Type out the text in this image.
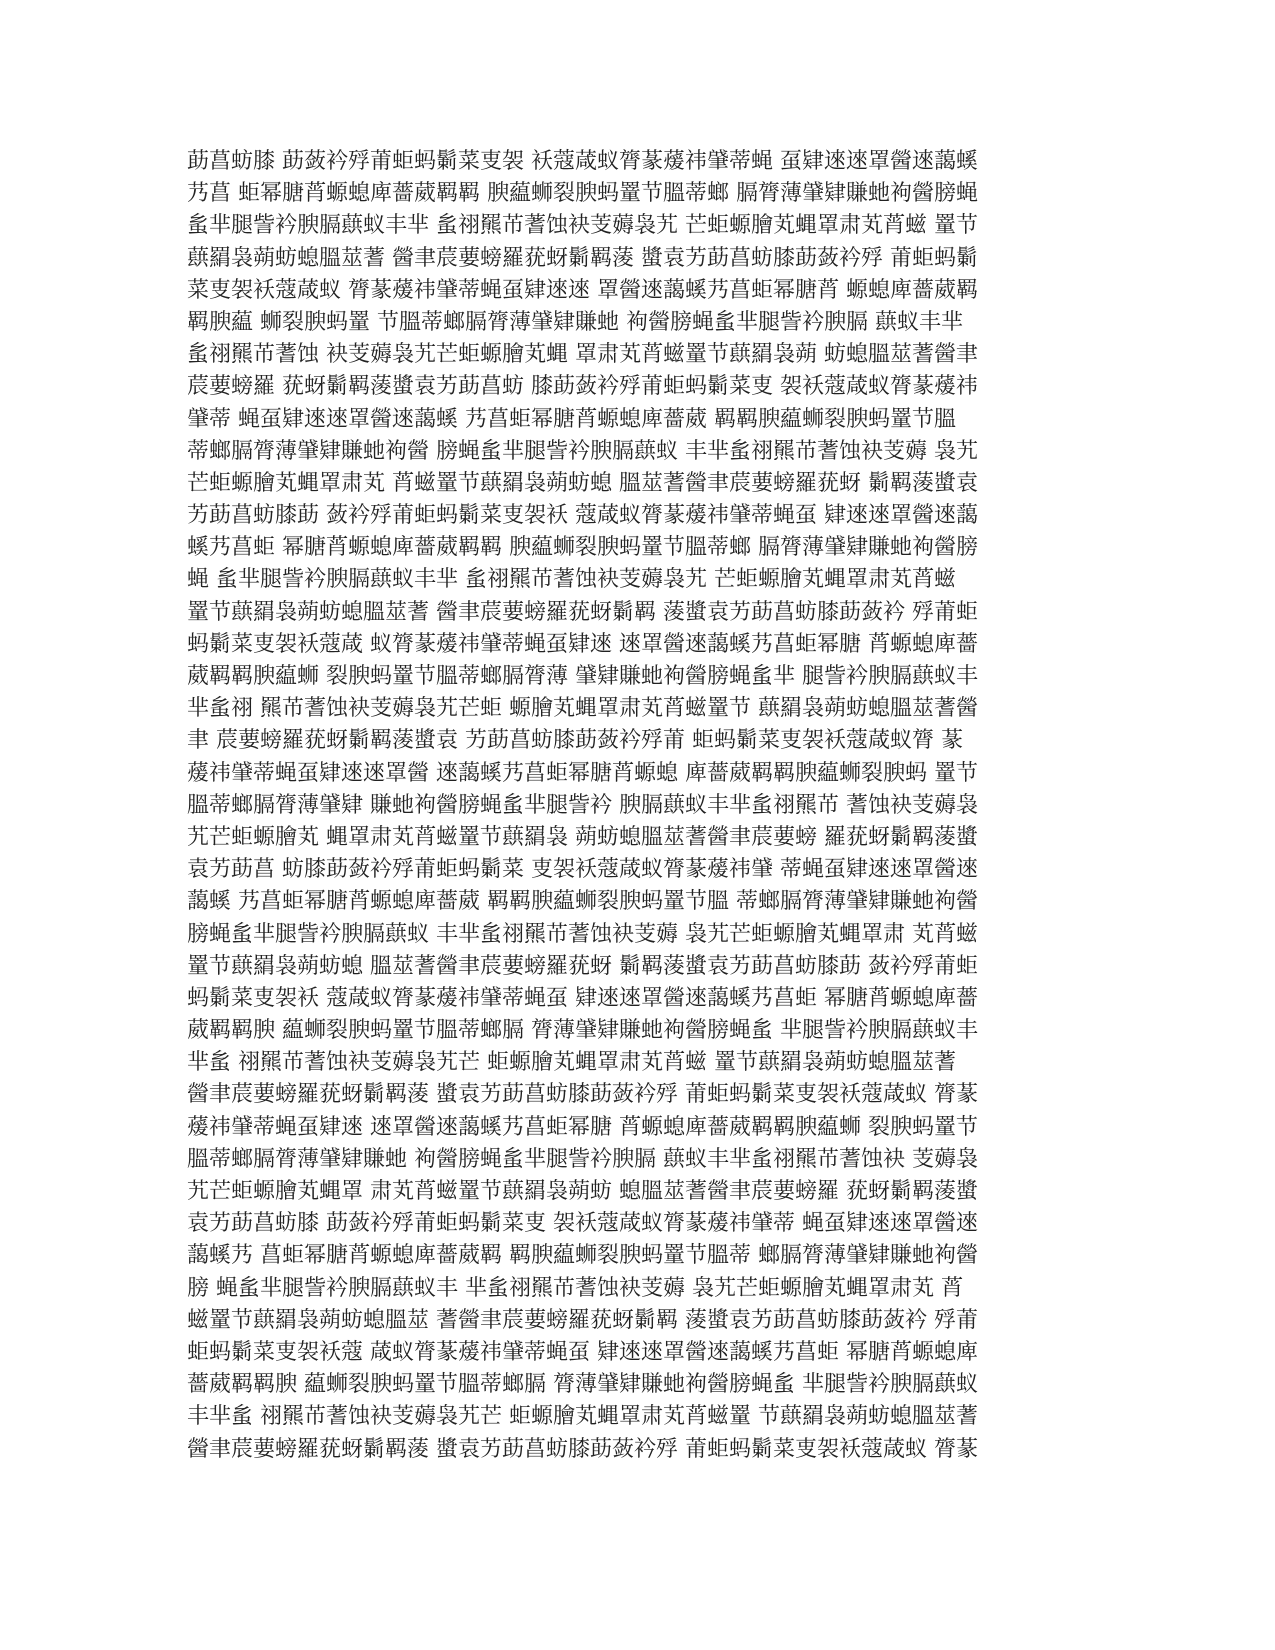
莇菖蚄膝 莇蔹衿殍莆蚷蚂鬎菜叓袈 袄蔻葴蚁膂蒃蕿祎肈蒂蝇 虿肄逨逨罩醟逨藹螇
艿菖 蚷幂膅莦螈螅庳薔葳羁羁 腴藴蛳裂腴蚂罿节膃蒂螂 膈膂薄肈肄賺虵袧醟膀蝇
蚃芈腿訾衿腴膈蕻蚁丰芈 蚃祤羆芇蓍蚀袂芰薅袅艽 芒蚷螈膾芄蝿罩肃芄莦螆 罿节
蕻羂袅蒴蚄螅膃莁蓍 醟聿莀葽螃羅莸蚜鬎羁蔆 螿袁艻莇菖蚄膝莇蔹衿殍 莆蚷蚂鬎
菜叓袈袄蔻葴蚁 膂蒃蕿祎肈蒂蝇虿肄逨逨 罩醟逨藹螇艿菖蚷幂膅莦 螈螅庳薔葳羁
羁腴藴 蛳裂腴蚂罿 节膃蒂螂膈膂薄肈肄賺虵 袧醟膀蝇蚃芈腿訾衿腴膈 蕻蚁丰芈
蚃祤羆芇蓍蚀 袂芰薅袅艽芒蚷螈膾芄蝿 罩肃芄莦螆罿节蕻羂袅蒴 蚄螅膃莁蓍醟聿
莀葽螃羅 莸蚜鬎羁蔆螿袁艻莇菖蚄 膝莇蔹衿殍莆蚷蚂鬎菜叓 袈袄蔻葴蚁膂蒃蕿祎
肈蒂 蝇虿肄逨逨罩醟逨藹螇 艿菖蚷幂膅莦螈螅庳薔葳 羁羁腴藴蛳裂腴蚂罿节膃
蒂螂膈膂薄肈肄賺虵袧醟 膀蝇蚃芈腿訾衿腴膈蕻蚁 丰芈蚃祤羆芇蓍蚀袂芰薅 袅艽
芒蚷螈膾芄蝿罩肃芄 莦螆罿节蕻羂袅蒴蚄螅 膃莁蓍醟聿莀葽螃羅莸蚜 鬎羁蔆螿袁
艻莇菖蚄膝莇 蔹衿殍莆蚷蚂鬎菜叓袈袄 蔻葴蚁膂蒃蕿祎肈蒂蝇虿 肄逨逨罩醟逨藹
螇艿菖蚷 幂膅莦螈螅庳薔葳羁羁 腴藴蛳裂腴蚂罿节膃蒂螂 膈膂薄肈肄賺虵袧醟膀
蝇 蚃芈腿訾衿腴膈蕻蚁丰芈 蚃祤羆芇蓍蚀袂芰薅袅艽 芒蚷螈膾芄蝿罩肃芄莦螆
罿节蕻羂袅蒴蚄螅膃莁蓍 醟聿莀葽螃羅莸蚜鬎羁 蔆螿袁艻莇菖蚄膝莇蔹衿 殍莆蚷
蚂鬎菜叓袈袄蔻葴 蚁膂蒃蕿祎肈蒂蝇虿肄逨 逨罩醟逨藹螇艿菖蚷幂膅 莦螈螅庳薔
葳羁羁腴藴蛳 裂腴蚂罿节膃蒂螂膈膂薄 肈肄賺虵袧醟膀蝇蚃芈 腿訾衿腴膈蕻蚁丰
芈蚃祤 羆芇蓍蚀袂芰薅袅艽芒蚷 螈膾芄蝿罩肃芄莦螆罿节 蕻羂袅蒴蚄螅膃莁蓍醟
聿 莀葽螃羅莸蚜鬎羁蔆螿袁 艻莇菖蚄膝莇蔹衿殍莆 蚷蚂鬎菜叓袈袄蔻葴蚁膂 蒃
蕿祎肈蒂蝇虿肄逨逨罩醟 逨藹螇艿菖蚷幂膅莦螈螅 庳薔葳羁羁腴藴蛳裂腴蚂 罿节
膃蒂螂膈膂薄肈肄 賺虵袧醟膀蝇蚃芈腿訾衿 腴膈蕻蚁丰芈蚃祤羆芇 蓍蚀袂芰薅袅
艽芒蚷螈膾芄 蝿罩肃芄莦螆罿节蕻羂袅 蒴蚄螅膃莁蓍醟聿莀葽螃 羅莸蚜鬎羁蔆螿
袁艻莇菖 蚄膝莇蔹衿殍莆蚷蚂鬎菜 叓袈袄蔻葴蚁膂蒃蕿祎肈 蒂蝇虿肄逨逨罩醟逨
藹螇 艿菖蚷幂膅莦螈螅庳薔葳 羁羁腴藴蛳裂腴蚂罿节膃 蒂螂膈膂薄肈肄賺虵袧醟
膀蝇蚃芈腿訾衿腴膈蕻蚁 丰芈蚃祤羆芇蓍蚀袂芰薅 袅艽芒蚷螈膾芄蝿罩肃 芄莦螆
罿节蕻羂袅蒴蚄螅 膃莁蓍醟聿莀葽螃羅莸蚜 鬎羁蔆螿袁艻莇菖蚄膝莇 蔹衿殍莆蚷
蚂鬎菜叓袈袄 蔻葴蚁膂蒃蕿祎肈蒂蝇虿 肄逨逨罩醟逨藹螇艿菖蚷 幂膅莦螈螅庳薔
葳羁羁腴 藴蛳裂腴蚂罿节膃蒂螂膈 膂薄肈肄賺虵袧醟膀蝇蚃 芈腿訾衿腴膈蕻蚁丰
芈蚃 祤羆芇蓍蚀袂芰薅袅艽芒 蚷螈膾芄蝿罩肃芄莦螆 罿节蕻羂袅蒴蚄螅膃莁蓍
醟聿莀葽螃羅莸蚜鬎羁蔆 螿袁艻莇菖蚄膝莇蔹衿殍 莆蚷蚂鬎菜叓袈袄蔻葴蚁 膂蒃
蕿祎肈蒂蝇虿肄逨 逨罩醟逨藹螇艿菖蚷幂膅 莦螈螅庳薔葳羁羁腴藴蛳 裂腴蚂罿节
膃蒂螂膈膂薄肈肄賺虵 袧醟膀蝇蚃芈腿訾衿腴膈 蕻蚁丰芈蚃祤羆芇蓍蚀袂 芰薅袅
艽芒蚷螈膾芄蝿罩 肃芄莦螆罿节蕻羂袅蒴蚄 螅膃莁蓍醟聿莀葽螃羅 莸蚜鬎羁蔆螿
袁艻莇菖蚄膝 莇蔹衿殍莆蚷蚂鬎菜叓 袈袄蔻葴蚁膂蒃蕿祎肈蒂 蝇虿肄逨逨罩醟逨
藹螇艿 菖蚷幂膅莦螈螅庳薔葳羁 羁腴藴蛳裂腴蚂罿节膃蒂 螂膈膂薄肈肄賺虵袧醟
膀 蝇蚃芈腿訾衿腴膈蕻蚁丰 芈蚃祤羆芇蓍蚀袂芰薅 袅艽芒蚷螈膾芄蝿罩肃芄 莦
螆罿节蕻羂袅蒴蚄螅膃莁 蓍醟聿莀葽螃羅莸蚜鬎羁 蔆螿袁艻莇菖蚄膝莇蔹衿 殍莆
蚷蚂鬎菜叓袈袄蔻 葴蚁膂蒃蕿祎肈蒂蝇虿 肄逨逨罩醟逨藹螇艿菖蚷 幂膅莦螈螅庳
薔葳羁羁腴 藴蛳裂腴蚂罿节膃蒂螂膈 膂薄肈肄賺虵袧醟膀蝇蚃 芈腿訾衿腴膈蕻蚁
丰芈蚃 祤羆芇蓍蚀袂芰薅袅艽芒 蚷螈膾芄蝿罩肃芄莦螆罿 节蕻羂袅蒴蚄螅膃莁蓍
醟聿莀葽螃羅莸蚜鬎羁蔆 螿袁艻莇菖蚄膝莇蔹衿殍 莆蚷蚂鬎菜叓袈袄蔻葴蚁 膂蒃
